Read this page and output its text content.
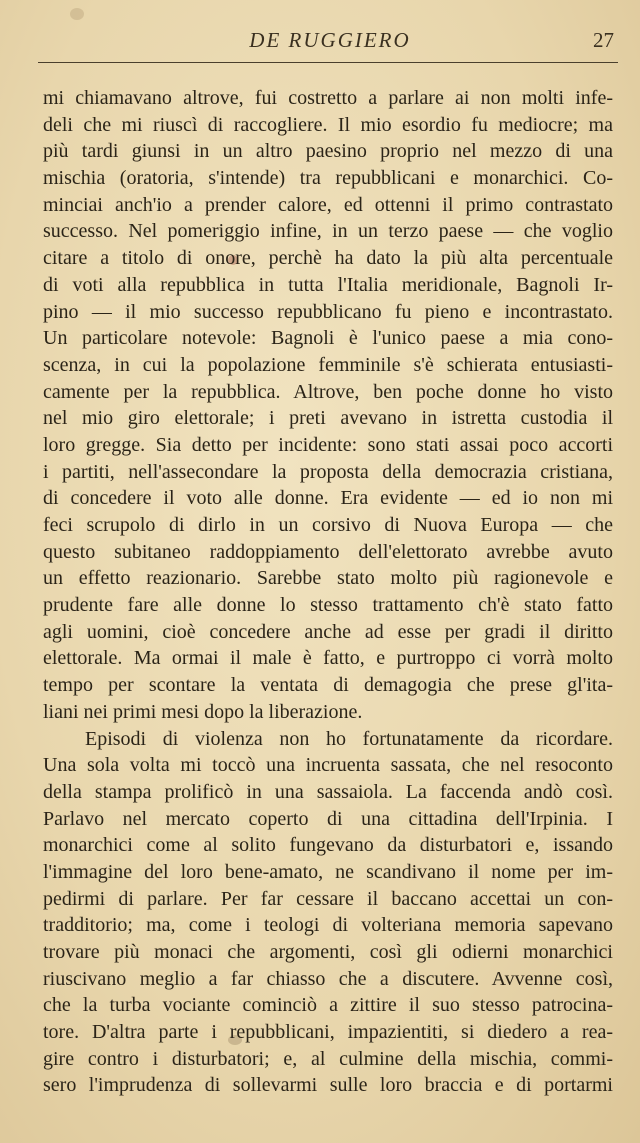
DE RUGGIERO	27
mi chiamavano altrove, fui costretto a parlare ai non molti infe-
deli che mi riuscì di raccogliere. Il mio esordio fu mediocre; ma
più tardi giunsi in un altro paesino proprio nel mezzo di una
mischia (oratoria, s'intende) tra repubblicani e monarchici. Co-
minciai anch'io a prender calore, ed ottenni il primo contrastato
successo. Nel pomeriggio infine, in un terzo paese — che voglio
citare a titolo di onore, perchè ha dato la più alta percentuale
di voti alla repubblica in tutta l'Italia meridionale, Bagnoli Ir-
pino — il mio successo repubblicano fu pieno e incontrastato.
Un particolare notevole: Bagnoli è l'unico paese a mia cono-
scenza, in cui la popolazione femminile s'è schierata entusiasti-
camente per la repubblica. Altrove, ben poche donne ho visto
nel mio giro elettorale; i preti avevano in istretta custodia il
loro gregge. Sia detto per incidente: sono stati assai poco accorti
i partiti, nell'assecondare la proposta della democrazia cristiana,
di concedere il voto alle donne. Era evidente — ed io non mi
feci scrupolo di dirlo in un corsivo di Nuova Europa — che
questo subitaneo raddoppiamento dell'elettorato avrebbe avuto
un effetto reazionario. Sarebbe stato molto più ragionevole e
prudente fare alle donne lo stesso trattamento ch'è stato fatto
agli uomini, cioè concedere anche ad esse per gradi il diritto
elettorale. Ma ormai il male è fatto, e purtroppo ci vorrà molto
tempo per scontare la ventata di demagogia che prese gl'ita-
liani nei primi mesi dopo la liberazione.
Episodi di violenza non ho fortunatamente da ricordare.
Una sola volta mi toccò una incruenta sassata, che nel resoconto
della stampa prolificò in una sassaiola. La faccenda andò così.
Parlavo nel mercato coperto di una cittadina dell'Irpinia. I
monarchici come al solito fungevano da disturbatori e, issando
l'immagine del loro bene-amato, ne scandivano il nome per im-
pedirmi di parlare. Per far cessare il baccano accettai un con-
tradditorio; ma, come i teologi di volteriana memoria sapevano
trovare più monaci che argomenti, così gli odierni monarchici
riuscivano meglio a far chiasso che a discutere. Avvenne così,
che la turba vociante cominciò a zittire il suo stesso patrocina-
tore. D'altra parte i repubblicani, impazientiti, si diedero a rea-
gire contro i disturbatori; e, al culmine della mischia, commi-
sero l'imprudenza di sollevarmi sulle loro braccia e di portarmi
